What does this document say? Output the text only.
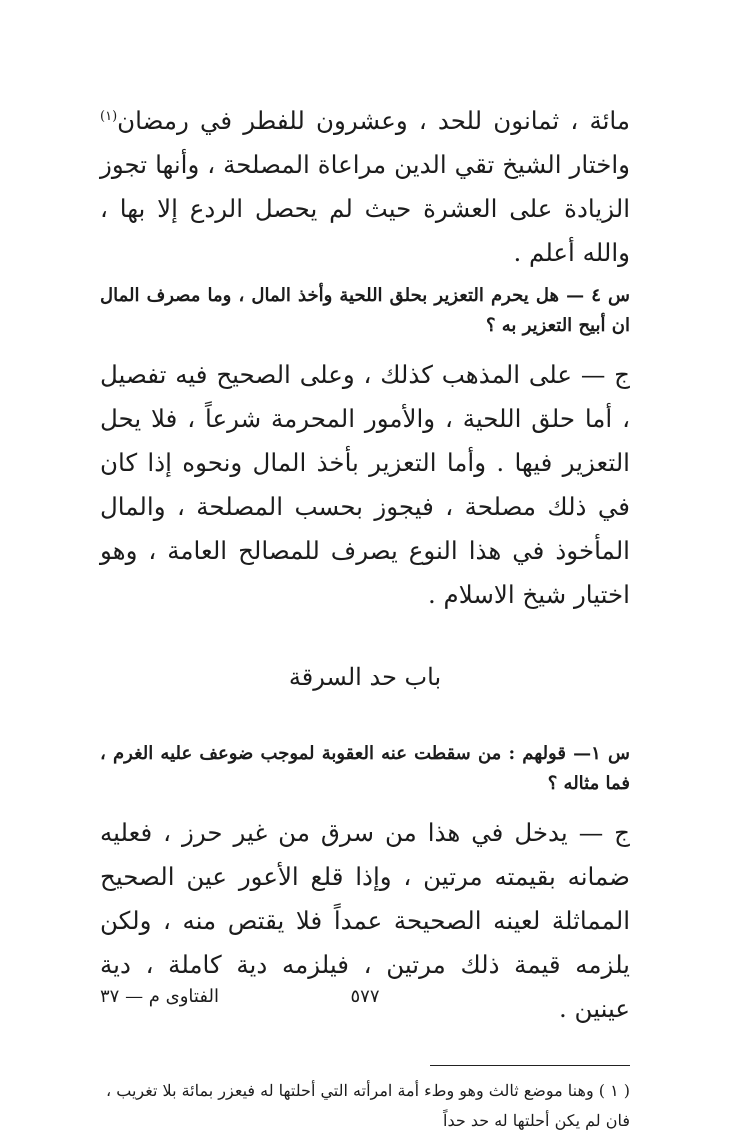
مائة ، ثمانون للحد ، وعشرون للفطر في رمضان$^{(١)}$ واختار الشيخ تقي الدين مراعاة المصلحة ، وأنها تجوز الزيادة على العشرة حيث لم يحصل الردع إلا بها ، والله أعلم .

س ٤ — هل يحرم التعزير بحلق اللحية وأخذ المال ، وما مصرف المال ان أبيح التعزير به ؟

ج — على المذهب كذلك ، وعلى الصحيح فيه تفصيل ، أما حلق اللحية ، والأمور المحرمة شرعاً ، فلا يحل التعزير فيها . وأما التعزير بأخذ المال ونحوه إذا كان في ذلك مصلحة ، فيجوز بحسب المصلحة ، والمال المأخوذ في هذا النوع يصرف للمصالح العامة ، وهو اختيار شيخ الاسلام .

باب حد السرقة

س ١— قولهم : من سقطت عنه العقوبة لموجب ضوعف عليه الغرم ، فما مثاله ؟

ج — يدخل في هذا من سرق من غير حرز ، فعليه ضمانه بقيمته مرتين ، وإذا قلع الأعور عين الصحيح المماثلة لعينه الصحيحة عمداً فلا يقتص منه ، ولكن يلزمه قيمة ذلك مرتين ، فيلزمه دية كاملة ، دية عينين .

( ١ ) وهنا موضع ثالث وهو وطء أمة امرأته التي أحلتها له فيعزر بمائة بلا تغريب ، فان لم يكن أحلتها له حد حداً

٥٧٧
الفتاوى م — ٣٧
